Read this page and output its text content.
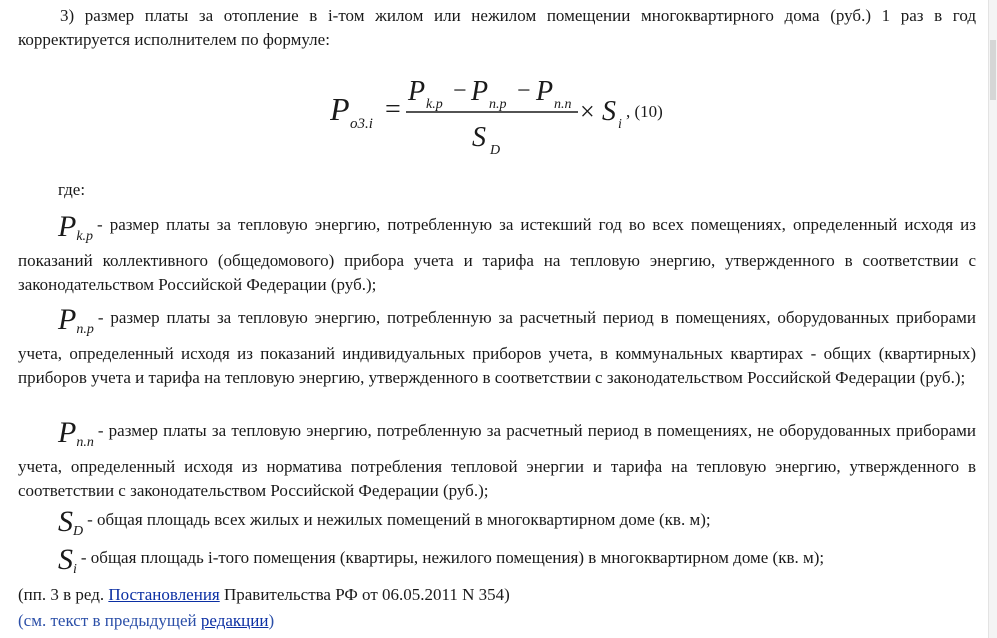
3) размер платы за отопление в i-том жилом или нежилом помещении многоквартирного дома (руб.) 1 раз в год корректируется исполнителем по формуле:

P o3.i =
P k.p
− P n.p
− P n.n
S D
× S i
, (10)

где:

$P_{k.p}-$ размер платы за тепловую энергию, потребленную за истекший год во всех помещениях, определенный исходя из показаний коллективного (общедомового) прибора учета и тарифа на тепловую энергию, утвержденного в соответствии с законодательством Российской Федерации (руб.);

$P_{n.p}-$ размер платы за тепловую энергию, потребленную за расчетный период в помещениях, оборудованных приборами учета, определенный исходя из показаний индивидуальных приборов учета, в коммунальных квартирах - общих (квартирных) приборов учета и тарифа на тепловую энергию, утвержденного в соответствии с законодательством Российской Федерации (руб.);

$P_{n.n}-$ размер платы за тепловую энергию, потребленную за расчетный период в помещениях, не оборудованных приборами учета, определенный исходя из норматива потребления тепловой энергии и тарифа на тепловую энергию, утвержденного в соответствии с законодательством Российской Федерации (руб.);

$S_D-$ общая площадь всех жилых и нежилых помещений в многоквартирном доме (кв. м);

$S_i-$ общая площадь i-того помещения (квартиры, нежилого помещения) в многоквартирном доме (кв. м);

(пп. 3 в ред. Постановления Правительства РФ от 06.05.2011 N 354)

(см. текст в предыдущей редакции)
